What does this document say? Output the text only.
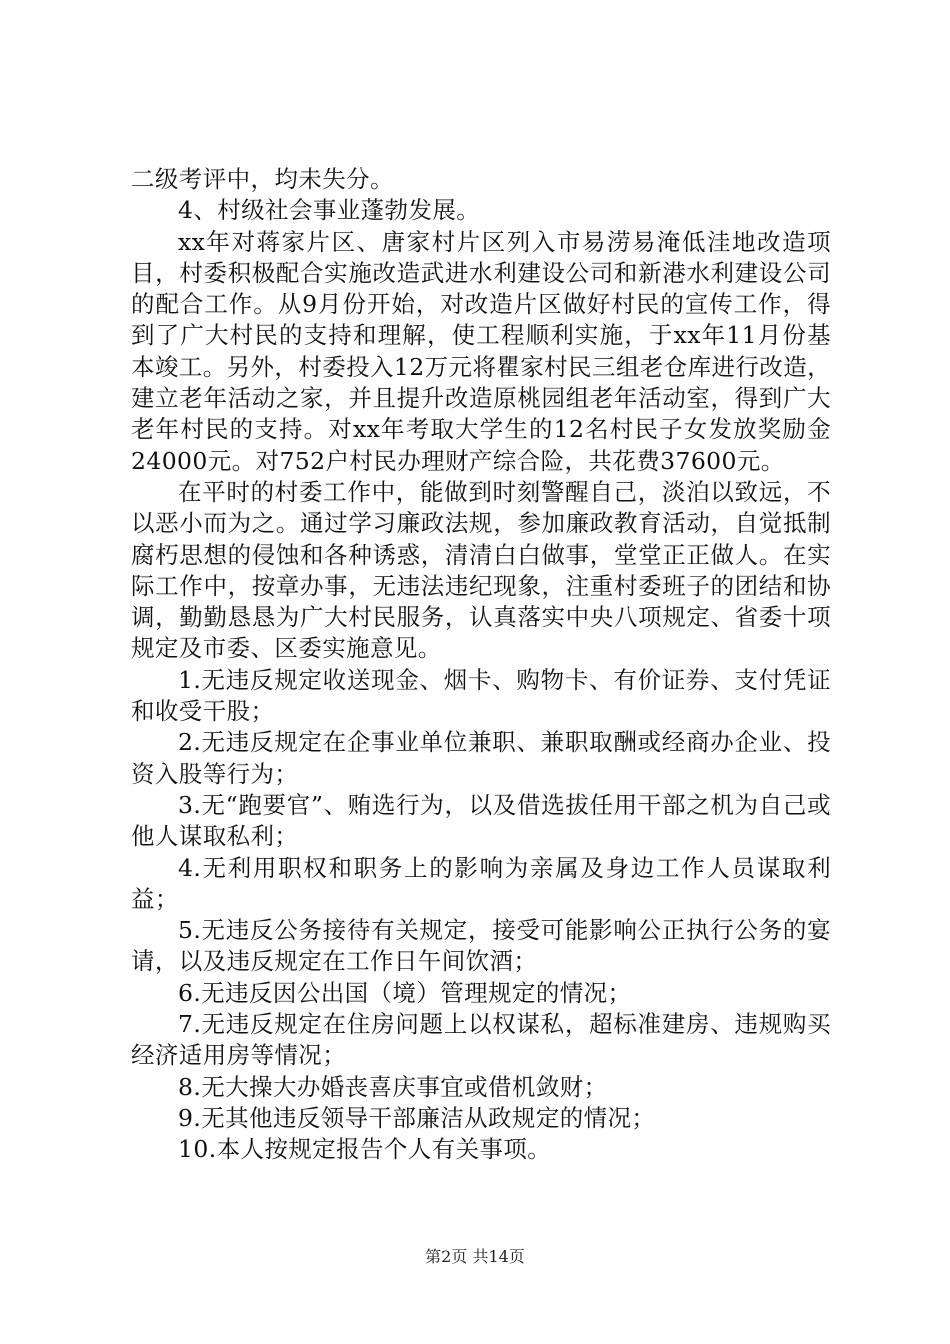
二级考评中，均未失分。

4、村级社会事业蓬勃发展。

xx年对蒋家片区、唐家村片区列入市易涝易淹低洼地改造项目，村委积极配合实施改造武进水利建设公司和新港水利建设公司的配合工作。从9月份开始，对改造片区做好村民的宣传工作，得到了广大村民的支持和理解，使工程顺利实施，于xx年11月份基本竣工。另外，村委投入12万元将瞿家村民三组老仓库进行改造，建立老年活动之家，并且提升改造原桃园组老年活动室，得到广大老年村民的支持。对xx年考取大学生的12名村民子女发放奖励金24000元。对752户村民办理财产综合险，共花费37600元。

在平时的村委工作中，能做到时刻警醒自己，淡泊以致远，不以恶小而为之。通过学习廉政法规，参加廉政教育活动，自觉抵制腐朽思想的侵蚀和各种诱惑，清清白白做事，堂堂正正做人。在实际工作中，按章办事，无违法违纪现象，注重村委班子的团结和协调，勤勤恳恳为广大村民服务，认真落实中央八项规定、省委十项规定及市委、区委实施意见。

1.无违反规定收送现金、烟卡、购物卡、有价证券、支付凭证和收受干股；

2.无违反规定在企事业单位兼职、兼职取酬或经商办企业、投资入股等行为；

3.无“跑要官”、贿选行为，以及借选拔任用干部之机为自己或他人谋取私利；

4.无利用职权和职务上的影响为亲属及身边工作人员谋取利益；

5.无违反公务接待有关规定，接受可能影响公正执行公务的宴请，以及违反规定在工作日午间饮酒；

6.无违反因公出国（境）管理规定的情况；

7.无违反规定在住房问题上以权谋私，超标准建房、违规购买经济适用房等情况；

8.无大操大办婚丧喜庆事宜或借机敛财；

9.无其他违反领导干部廉洁从政规定的情况；

10.本人按规定报告个人有关事项。

第2页 共14页
